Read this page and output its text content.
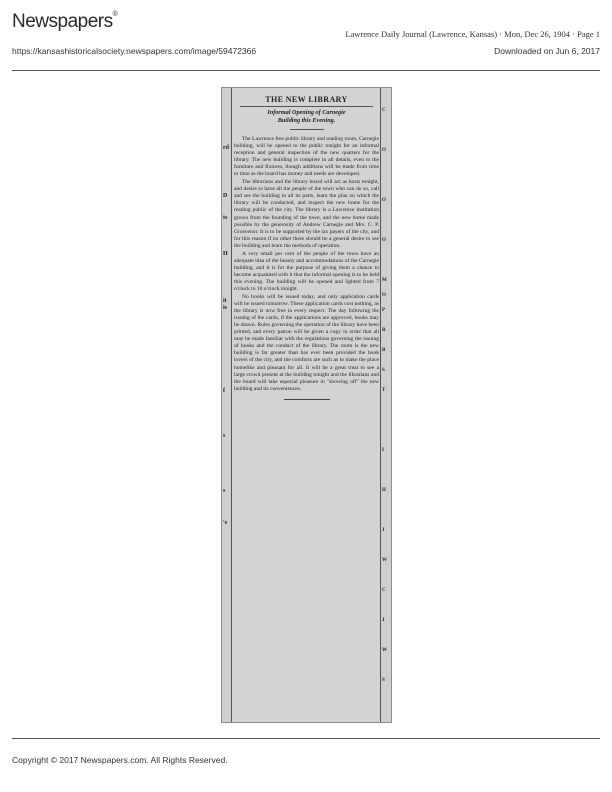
Newspapers®
Lawrence Daily Journal (Lawrence, Kansas) · Mon, Dec 26, 1904 · Page 1
https://kansashistoricalsociety.newspapers.com/image/59472366	Downloaded on Jun 6, 2017
rd
D
ts
H
it
is
f
s
s
'e
C
O
O
O
M
O
P
R
B
S
T
I
H
J
W
C
J
W
S
THE NEW LIBRARY
Informal Opening of Carnegie
Building this Evening.

The Lawrence free public library and reading room, Carnegie building, will be opened to the public tonight for an informal reception and general inspection of the new quarters for the library. The new building is complete in all details, even to the furniture and fixtures, though additions will be made from time to time as the board has money and needs are developed.

The librarians and the library board will act as hosts tonight, and desire to have all the people of the town who can do so, call and see the building in all its parts, learn the plan on which the library will be conducted, and inspect the new home for the reading public of the city. The library is a Lawrence institution grown from the founding of the town, and the new home made possible by the generosity of Andrew Carnegie and Mrs. C. P. Grosvenor. It is to be supported by the tax payers of the city, and for this reason if no other there should be a general desire to see the building and learn the methods of operation.

A very small per cent of the people of the town have an adequate idea of the beauty and accommodations of the Carnegie building, and it is for the purpose of giving them a chance to become acquainted with it that the informal opening is to be held this evening. The building will be opened and lighted from 7 o'clock to 10 o'clock tonight.

No books will be issued today, and only application cards will be issued tomorrow. These application cards cost nothing, as the library is now free in every respect. The day following the issuing of the cards, if the applications are approved, books may be drawn. Rules governing the operation of the library have been printed, and every patron will be given a copy in order that all may be made familiar with the regulations governing the issuing of books and the conduct of the library. The room is the new building is far greater than has ever been provided the book lovers of the city, and the comforts are such as to make the place homelike and pleasant for all. It will be a great treat to see a large crowd present at the building tonight and the librarians and the board will take especial pleasure in "showing off" the new building and its conveniences.

Copyright © 2017 Newspapers.com. All Rights Reserved.
